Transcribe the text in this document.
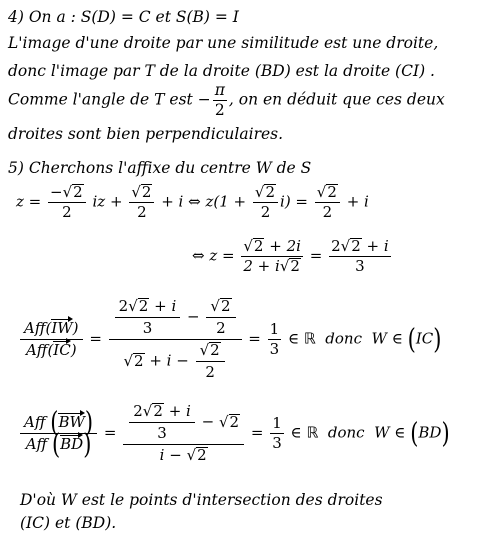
4) On a : S(D) = C et S(B) = I
L'image d'une droite par une similitude est une droite,
donc l'image par T de la droite (BD) est la droite (CI) .
Comme l'angle de T est − $\frac{\pi}{2}$ , on en déduit que ces deux
droites sont bien perpendiculaires.
5) Cherchons l'affixe du centre W de S
$z = \frac{-√2}{2}$ iz + $\frac{√2}{2} + i$ ⇔ $z(1 + \frac{√2}{2} i) = \frac{√2}{2} + i$
⇔ $z = \frac{√2 + 2i}{2 + i√2} = \frac{2√2 + i}{3}$
$\frac{\text{Aff(IW)}}{\text{Aff(IC)}} = \frac{\frac{2√2 + i}{3} - \frac{√2}{2}}{√2 + i - \frac{√2}{2}} = \frac{1}{3}$ ∈ ℝ donc W ∈ (IC)
$\frac{\text{Aff (BW)}}{\text{Aff (BD)}} = \frac{\frac{2√2 + i}{3} - √2}{i - √2} = \frac{1}{3}$ ∈ ℝ donc W ∈ (BD)
D'où W est le points d'intersection des droites
(IC) et (BD).
